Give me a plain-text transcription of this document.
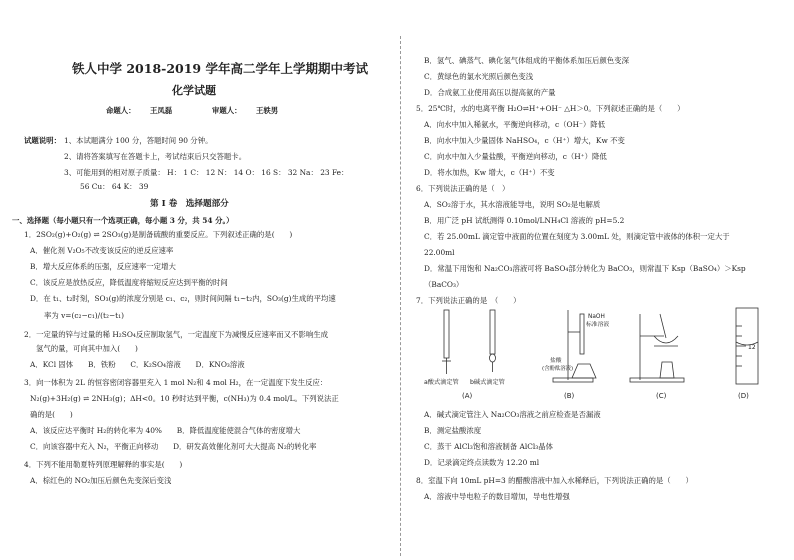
铁人中学 2018-2019 学年高二学年上学期期中考试
化学试题
命题人： 王凤磊	审题人： 王轶男
试题说明： 1、本试题满分 100 分，答题时间 90 分钟。
2、请将答案填写在答题卡上，考试结束后只交答题卡。
3、可能用到的相对原子质量： H： 1 C： 12 N： 14 O： 16 S： 32 Na： 23 Fe：
56 Cu： 64 K： 39
第 I 卷　选择题部分
一、选择题（每小题只有一个选项正确，每小题 3 分，共 54 分。）
1．2SO₂(g)+O₂(g) ⇌ 2SO₃(g)是制备硫酸的重要反应。下列叙述正确的是(　　)
A．催化剂 V₂O₅不改变该反应的逆反应速率
B．增大反应体系的压强，反应速率一定增大
C．该反应是放热反应，降低温度将缩短反应达到平衡的时间
D．在 t₁、t₂时刻，SO₃(g)的浓度分别是 c₁、c₂，则时间间隔 t₁~t₂内，SO₃(g)生成的平均速
率为 v=(c₂−c₁)/(t₂−t₁)
2．一定量的锌与过量的稀 H₂SO₄反应制取氢气，一定温度下为减慢反应速率而又不影响生成
氢气的量，可向其中加入(　　)
A．KCl 固体　　B．铁粉　　C．K₂SO₄溶液　　D．KNO₃溶液
3．向一体积为 2L 的恒容密闭容器里充入 1 mol N₂和 4 mol H₂，在一定温度下发生反应：
N₂(g)+3H₂(g) ⇌ 2NH₃(g)；ΔH<0。10 秒时达到平衡，c(NH₃)为 0.4 mol/L。下列说法正
确的是(　　)
A．该反应达平衡时 H₂的转化率为 40%　　B．降低温度能使混合气体的密度增大
C．向该容器中充入 N₂，平衡正向移动　　D．研发高效催化剂可大大提高 N₂的转化率
4．下列不能用勒夏特列原理解释的事实是(　　)
A．棕红色的 NO₂加压后颜色先变深后变浅
B．氢气、碘蒸气、碘化氢气体组成的平衡体系加压后颜色变深
C．黄绿色的氯水光照后颜色变浅
D．合成氨工业使用高压以提高氨的产量
5．25℃时，水的电离平衡 H₂O⇌H⁺+OH⁻ △H＞0。下列叙述正确的是（　　）
A．向水中加入稀氨水，平衡逆向移动，c（OH⁻）降低
B．向水中加入少量固体 NaHSO₄，c（H⁺）增大，Kw 不变
C．向水中加入少量盐酸，平衡逆向移动，c（H⁺）降低
D．将水加热，Kw 增大，c（H⁺）不变
6．下列说法正确的是（　）
A．SO₂溶于水，其水溶液能导电，说明 SO₂是电解质
B．用广泛 pH 试纸测得 0.10mol/LNH₄Cl 溶液的 pH=5.2
C．若 25.00mL 滴定管中液面的位置在刻度为 3.00mL 处，则滴定管中液体的体积一定大于
22.00ml
D．常温下用饱和 Na₂CO₃溶液可将 BaSO₄部分转化为 BaCO₃，则常温下 Ksp（BaSO₄）＞Ksp
（BaCO₃）
7．下列说法正确的是　（　　）
a酸式滴定管 b碱式滴定管
(A)
NaOH
标准溶液
盐酸
(含酚酞溶液)
(B)	(C)
12
(D)
A．碱式滴定管注入 Na₂CO₃溶液之前应检查是否漏液
B．测定盐酸浓度
C．蒸干 AlCl₃饱和溶液制备 AlCl₃晶体
D．记录滴定终点读数为 12.20 ml
8．室温下向 10mL pH=3 的醋酸溶液中加入水稀释后，下列说法正确的是（　　）
A．溶液中导电粒子的数目增加，导电性增强
